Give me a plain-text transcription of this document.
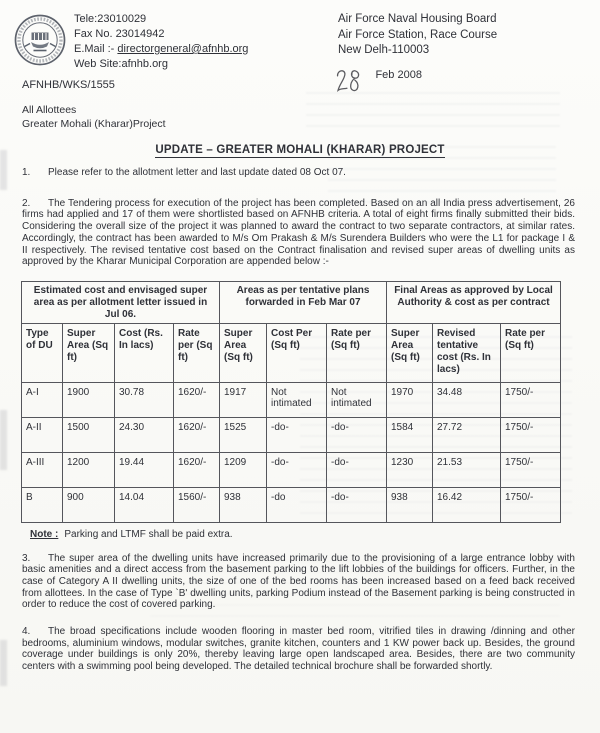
Tele:23010029
Fax No. 23014942
E.Mail :- directorgeneral@afnhb.org
Web Site:afnhb.org
Air Force Naval Housing Board
Air Force Station, Race Course
New Delh-110003
AFNHB/WKS/1555
$^{Feb 2008}$
All Allottees
Greater Mohali (Kharar)Project
UPDATE – GREATER MOHALI (KHARAR) PROJECT
1. Please refer to the allotment letter and last update dated 08 Oct 07.
2. The Tendering process for execution of the project has been completed. Based on an all India press advertisement, 26 firms had applied and 17 of them were shortlisted based on AFNHB criteria. A total of eight firms finally submitted their bids. Considering the overall size of the project it was planned to award the contract to two separate contractors, at similar rates. Accordingly, the contract has been awarded to M/s Om Prakash & M/s Surendera Builders who were the L1 for package I & II respectively. The revised tentative cost based on the Contract finalisation and revised super areas of dwelling units as approved by the Kharar Municipal Corporation are appended below :-
Estimated cost and envisaged super area as per allotment letter issued in Jul 06.				Areas as per tentative plans forwarded in Feb Mar 07			Final Areas as approved by Local Authority & cost as per contract		
Type of DU	Super Area (Sq ft)	Cost (Rs. In lacs)	Rate per (Sq ft)	Super Area (Sq ft)	Cost Per (Sq ft)	Rate per (Sq ft)	Super Area (Sq ft)	Revised tentative cost (Rs. In lacs)	Rate per (Sq ft)
A-I	1900	30.78	1620/-	1917	Not intimated	Not intimated	1970	34.48	1750/-
A-II	1500	24.30	1620/-	1525	-do-	-do-	1584	27.72	1750/-
A-III	1200	19.44	1620/-	1209	-do-	-do-	1230	21.53	1750/-
B	900	14.04	1560/-	938	-do	-do-	938	16.42	1750/-
Note : Parking and LTMF shall be paid extra.
3. The super area of the dwelling units have increased primarily due to the provisioning of a large entrance lobby with basic amenities and a direct access from the basement parking to the lift lobbies of the buildings for officers. Further, in the case of Category A II dwelling units, the size of one of the bed rooms has been increased based on a feed back received from allottees. In the case of Type `B' dwelling units, parking Podium instead of the Basement parking is being constructed in order to reduce the cost of covered parking.
4. The broad specifications include wooden flooring in master bed room, vitrified tiles in drawing /dinning and other bedrooms, aluminium windows, modular switches, granite kitchen, counters and 1 KW power back up. Besides, the ground coverage under buildings is only 20%, thereby leaving large open landscaped area. Besides, there are two community centers with a swimming pool being developed. The detailed technical brochure shall be forwarded shortly.
